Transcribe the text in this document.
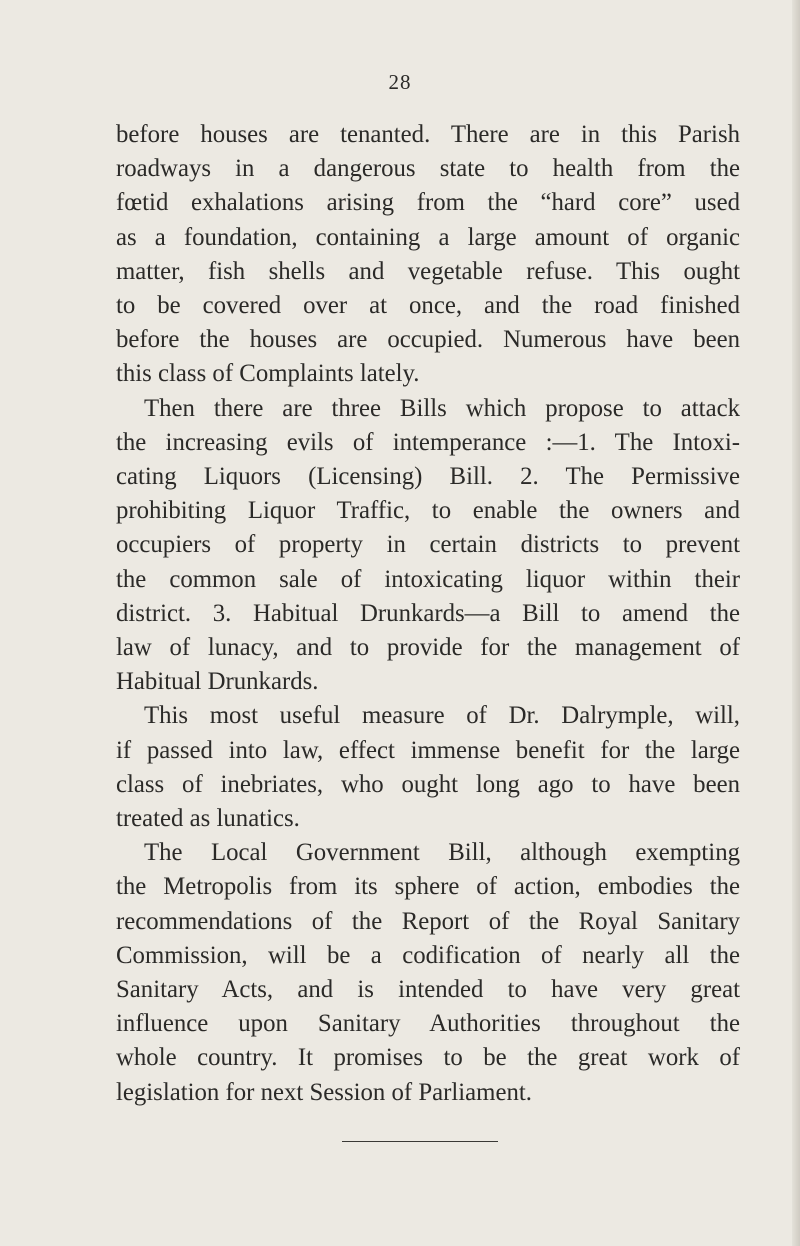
28
before houses are tenanted. There are in this Parish
roadways in a dangerous state to health from the
fœtid exhalations arising from the “hard core” used
as a foundation, containing a large amount of organic
matter, fish shells and vegetable refuse. This ought
to be covered over at once, and the road finished
before the houses are occupied. Numerous have been
this class of Complaints lately.
Then there are three Bills which propose to attack
the increasing evils of intemperance :—1. The Intoxi-
cating Liquors (Licensing) Bill. 2. The Permissive
prohibiting Liquor Traffic, to enable the owners and
occupiers of property in certain districts to prevent
the common sale of intoxicating liquor within their
district. 3. Habitual Drunkards—a Bill to amend the
law of lunacy, and to provide for the management of
Habitual Drunkards.
This most useful measure of Dr. Dalrymple, will,
if passed into law, effect immense benefit for the large
class of inebriates, who ought long ago to have been
treated as lunatics.
The Local Government Bill, although exempting
the Metropolis from its sphere of action, embodies the
recommendations of the Report of the Royal Sanitary
Commission, will be a codification of nearly all the
Sanitary Acts, and is intended to have very great
influence upon Sanitary Authorities throughout the
whole country. It promises to be the great work of
legislation for next Session of Parliament.
